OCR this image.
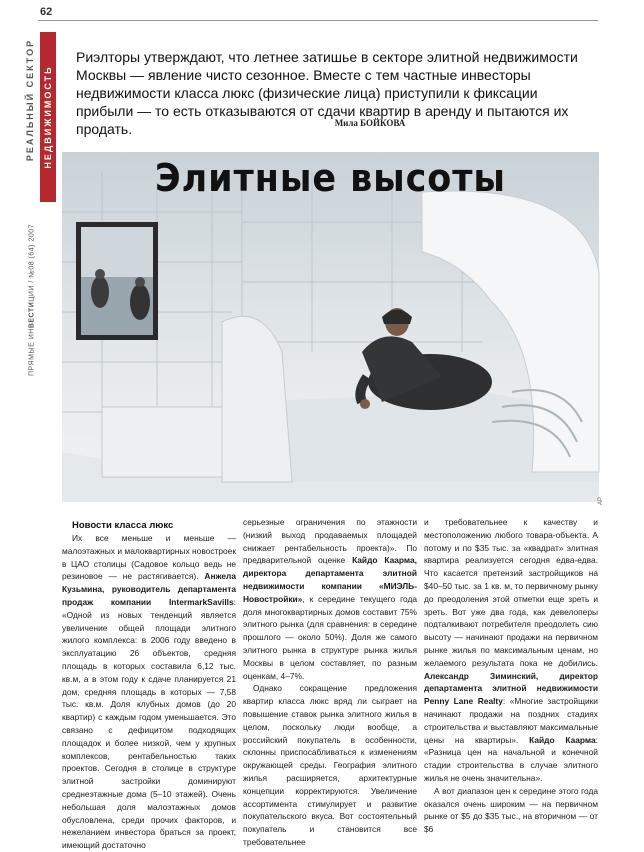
62
РЕАЛЬНЫЙ СЕКТОР НЕДВИЖИМОСТЬ
ПРЯМЫЕ ИНВЕСТИЦИИ / №08 (64) 2007

Риэлторы утверждают, что летнее затишье в секторе элитной недвижимости Москвы — явление чисто сезонное. Вместе с тем частные инвесторы недвижимости класса люкс (физические лица) приступили к фиксации прибыли — то есть отказываются от сдачи квартир в аренду и пытаются их продать.	Мила БОЙКОВА
Элитные высоты
AP
Новости класса люкс

Их все меньше и меньше — малоэтажных и малоквартирных новостроек в ЦАО столицы (Садовое кольцо ведь не резиновое — не растягивается). Анжела Кузьмина, руководитель департамента продаж компании IntermarkSavills: «Одной из новых тенденций является увеличение общей площади элитного жилого комплекса: в 2006 году введено в эксплуатацию 26 объектов, средняя площадь в которых составила 6,12 тыс. кв.м, а в этом году к сдаче планируется 21 дом, средняя площадь в которых — 7,58 тыс. кв.м. Доля клубных домов (до 20 квартир) с каждым годом уменьшается. Это связано с дефицитом подходящих площадок и более низкой, чем у крупных комплексов, рентабельностью таких проектов. Сегодня в столице в структуре элитной застройки доминируют среднеэтажные дома (5–10 этажей). Очень небольшая доля малоэтажных домов обусловлена, среди прочих факторов, и нежеланием инвестора браться за проект, имеющий достаточно

серьезные ограничения по этажности (низкий выход продаваемых площадей снижает рентабельность проекта)». По предварительной оценке Кайдо Каарма, директора департамента элитной недвижимости компании «МИЭЛЬ-Новостройки», к середине текущего года доля многоквартирных домов составит 75% элитного рынка (для сравнения: в середине прошлого — около 50%). Доля же самого элитного рынка в структуре рынка жилья Москвы в целом составляет, по разным оценкам, 4–7%.

Однако сокращение предложения квартир класса люкс вряд ли сыграет на повышение ставок рынка элитного жилья в целом, поскольку люди вообще, а российский покупатель в особенности, склонны приспосабливаться к изменениям окружающей среды. География элитного жилья расширяется, архитектурные концепции корректируются. Увеличение ассортимента стимулирует и развитие покупательского вкуса. Вот состоятельный покупатель и становится все требовательнее

и требовательнее к качеству и местоположению любого товара-объекта. А потому и по $35 тыс. за «квадрат» элитная квартира реализуется сегодня едва-едва. Что касается претензий застройщиков на $40–50 тыс. за 1 кв. м, то первичному рынку до преодоления этой отметки еще зреть и зреть. Вот уже два года, как девелоперы подталкивают потребителя преодолеть сию высоту — начинают продажи на первичном рынке жилья по максимальным ценам, но желаемого результата пока не добились. Александр Зиминский, директор департамента элитной недвижимости Penny Lane Realty: «Многие застройщики начинают продажи на поздних стадиях строительства и выставляют максимальные цены на квартиры». Кайдо Каарма: «Разница цен на начальной и конечной стадии строительства в случае элитного жилья не очень значительна».

А вот диапазон цен к середине этого года оказался очень широким — на первичном рынке от $5 до $35 тыс., на вторичном — от $6
